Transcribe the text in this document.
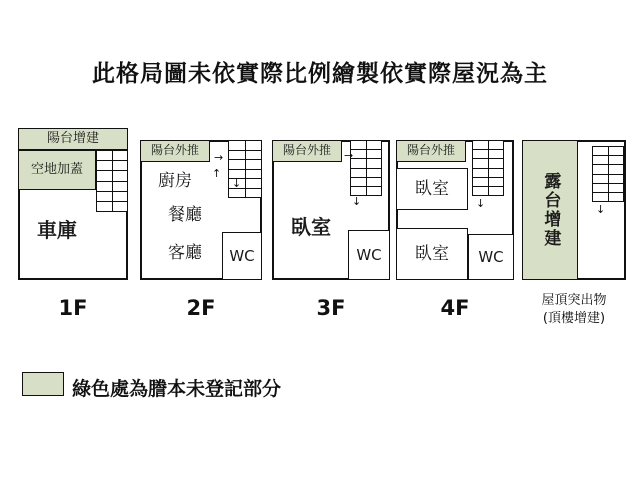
此格局圖未依實際比例繪製依實際屋況為主
陽台增建
空地加蓋
車庫
1F
陽台外推
→
↑
↓
廚房
餐廳
客廳 WC
2F
陽台外推 →
↓
臥室
WC
3F
陽台外推
↓
臥室
臥室 WC
4F
露台增建	↓
屋頂突出物
(頂樓增建)
綠色處為謄本未登記部分
